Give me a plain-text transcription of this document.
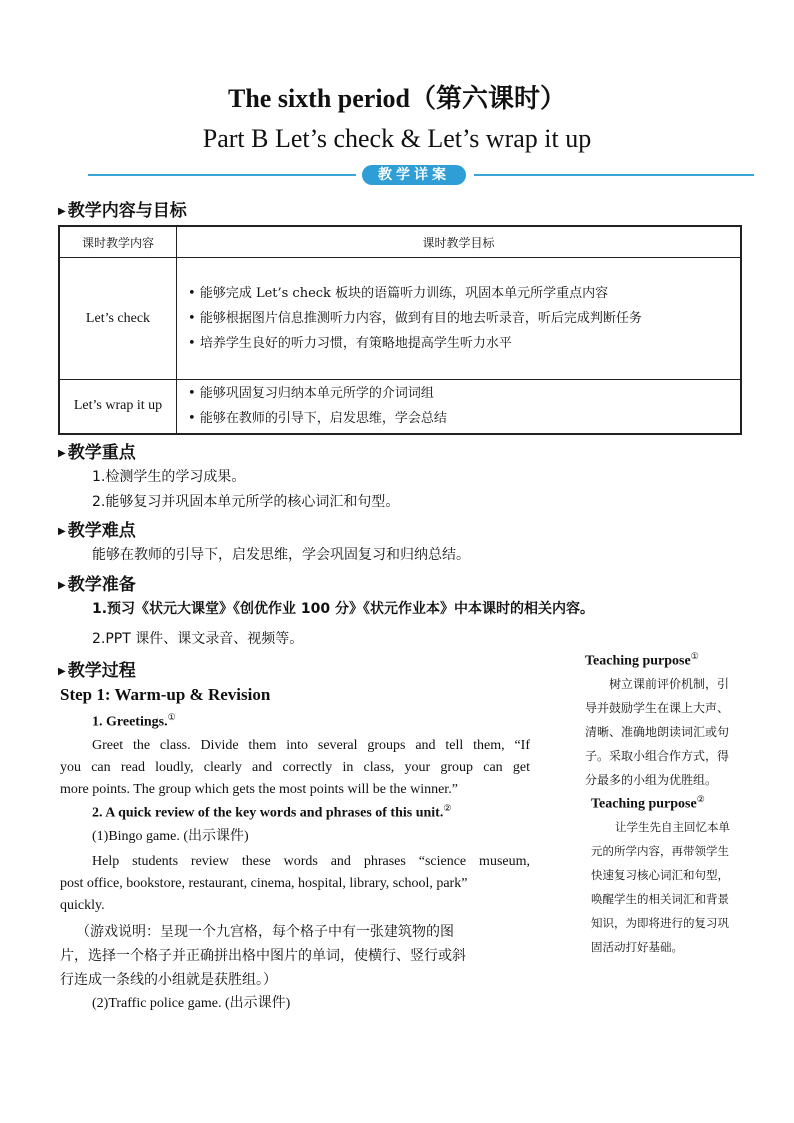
The sixth period（第六课时）
Part B Let’s check & Let’s wrap it up
教学详案
▶ 教学内容与目标
课时教学内容	课时教学目标
Let’s check	• 能够完成 Let’s check 板块的语篇听力训练，巩固本单元所学重点内容
• 能够根据图片信息推测听力内容，做到有目的地去听录音，听后完成判断任务
• 培养学生良好的听力习惯，有策略地提高学生听力水平

Let’s wrap it up	• 能够巩固复习归纳本单元所学的介词词组
• 能够在教师的引导下，启发思维，学会总结
▶ 教学重点
1.检测学生的学习成果。
2.能够复习并巩固本单元所学的核心词汇和句型。
▶ 教学难点
能够在教师的引导下，启发思维，学会巩固复习和归纳总结。
▶ 教学准备
1.预习《状元大课堂》《创优作业 100 分》《状元作业本》中本课时的相关内容。
2.PPT 课件、课文录音、视频等。
▶ 教学过程
Step 1: Warm-up & Revision
1. Greetings.①
Greet the class. Divide them into several groups and tell them, “If
you can read loudly, clearly and correctly in class, your group can get
more points. The group which gets the most points will be the winner.”
2. A quick review of the key words and phrases of this unit.②
(1)Bingo game. (出示课件)
Help students review these words and phrases “science museum,
post office, bookstore, restaurant, cinema, hospital, library, school, park”
quickly.
（游戏说明：呈现一个九宫格，每个格子中有一张建筑物的图
片，选择一个格子并正确拼出格中图片的单词，使横行、竖行或斜
行连成一条线的小组就是获胜组。）
(2)Traffic police game. (出示课件)
Teaching purpose①
树立课前评价机制，引
导并鼓励学生在课上大声、
清晰、准确地朗读词汇或句
子。采取小组合作方式，得
分最多的小组为优胜组。
Teaching purpose②
让学生先自主回忆本单
元的所学内容，再带领学生
快速复习核心词汇和句型，
唤醒学生的相关词汇和背景
知识，为即将进行的复习巩
固活动打好基础。
